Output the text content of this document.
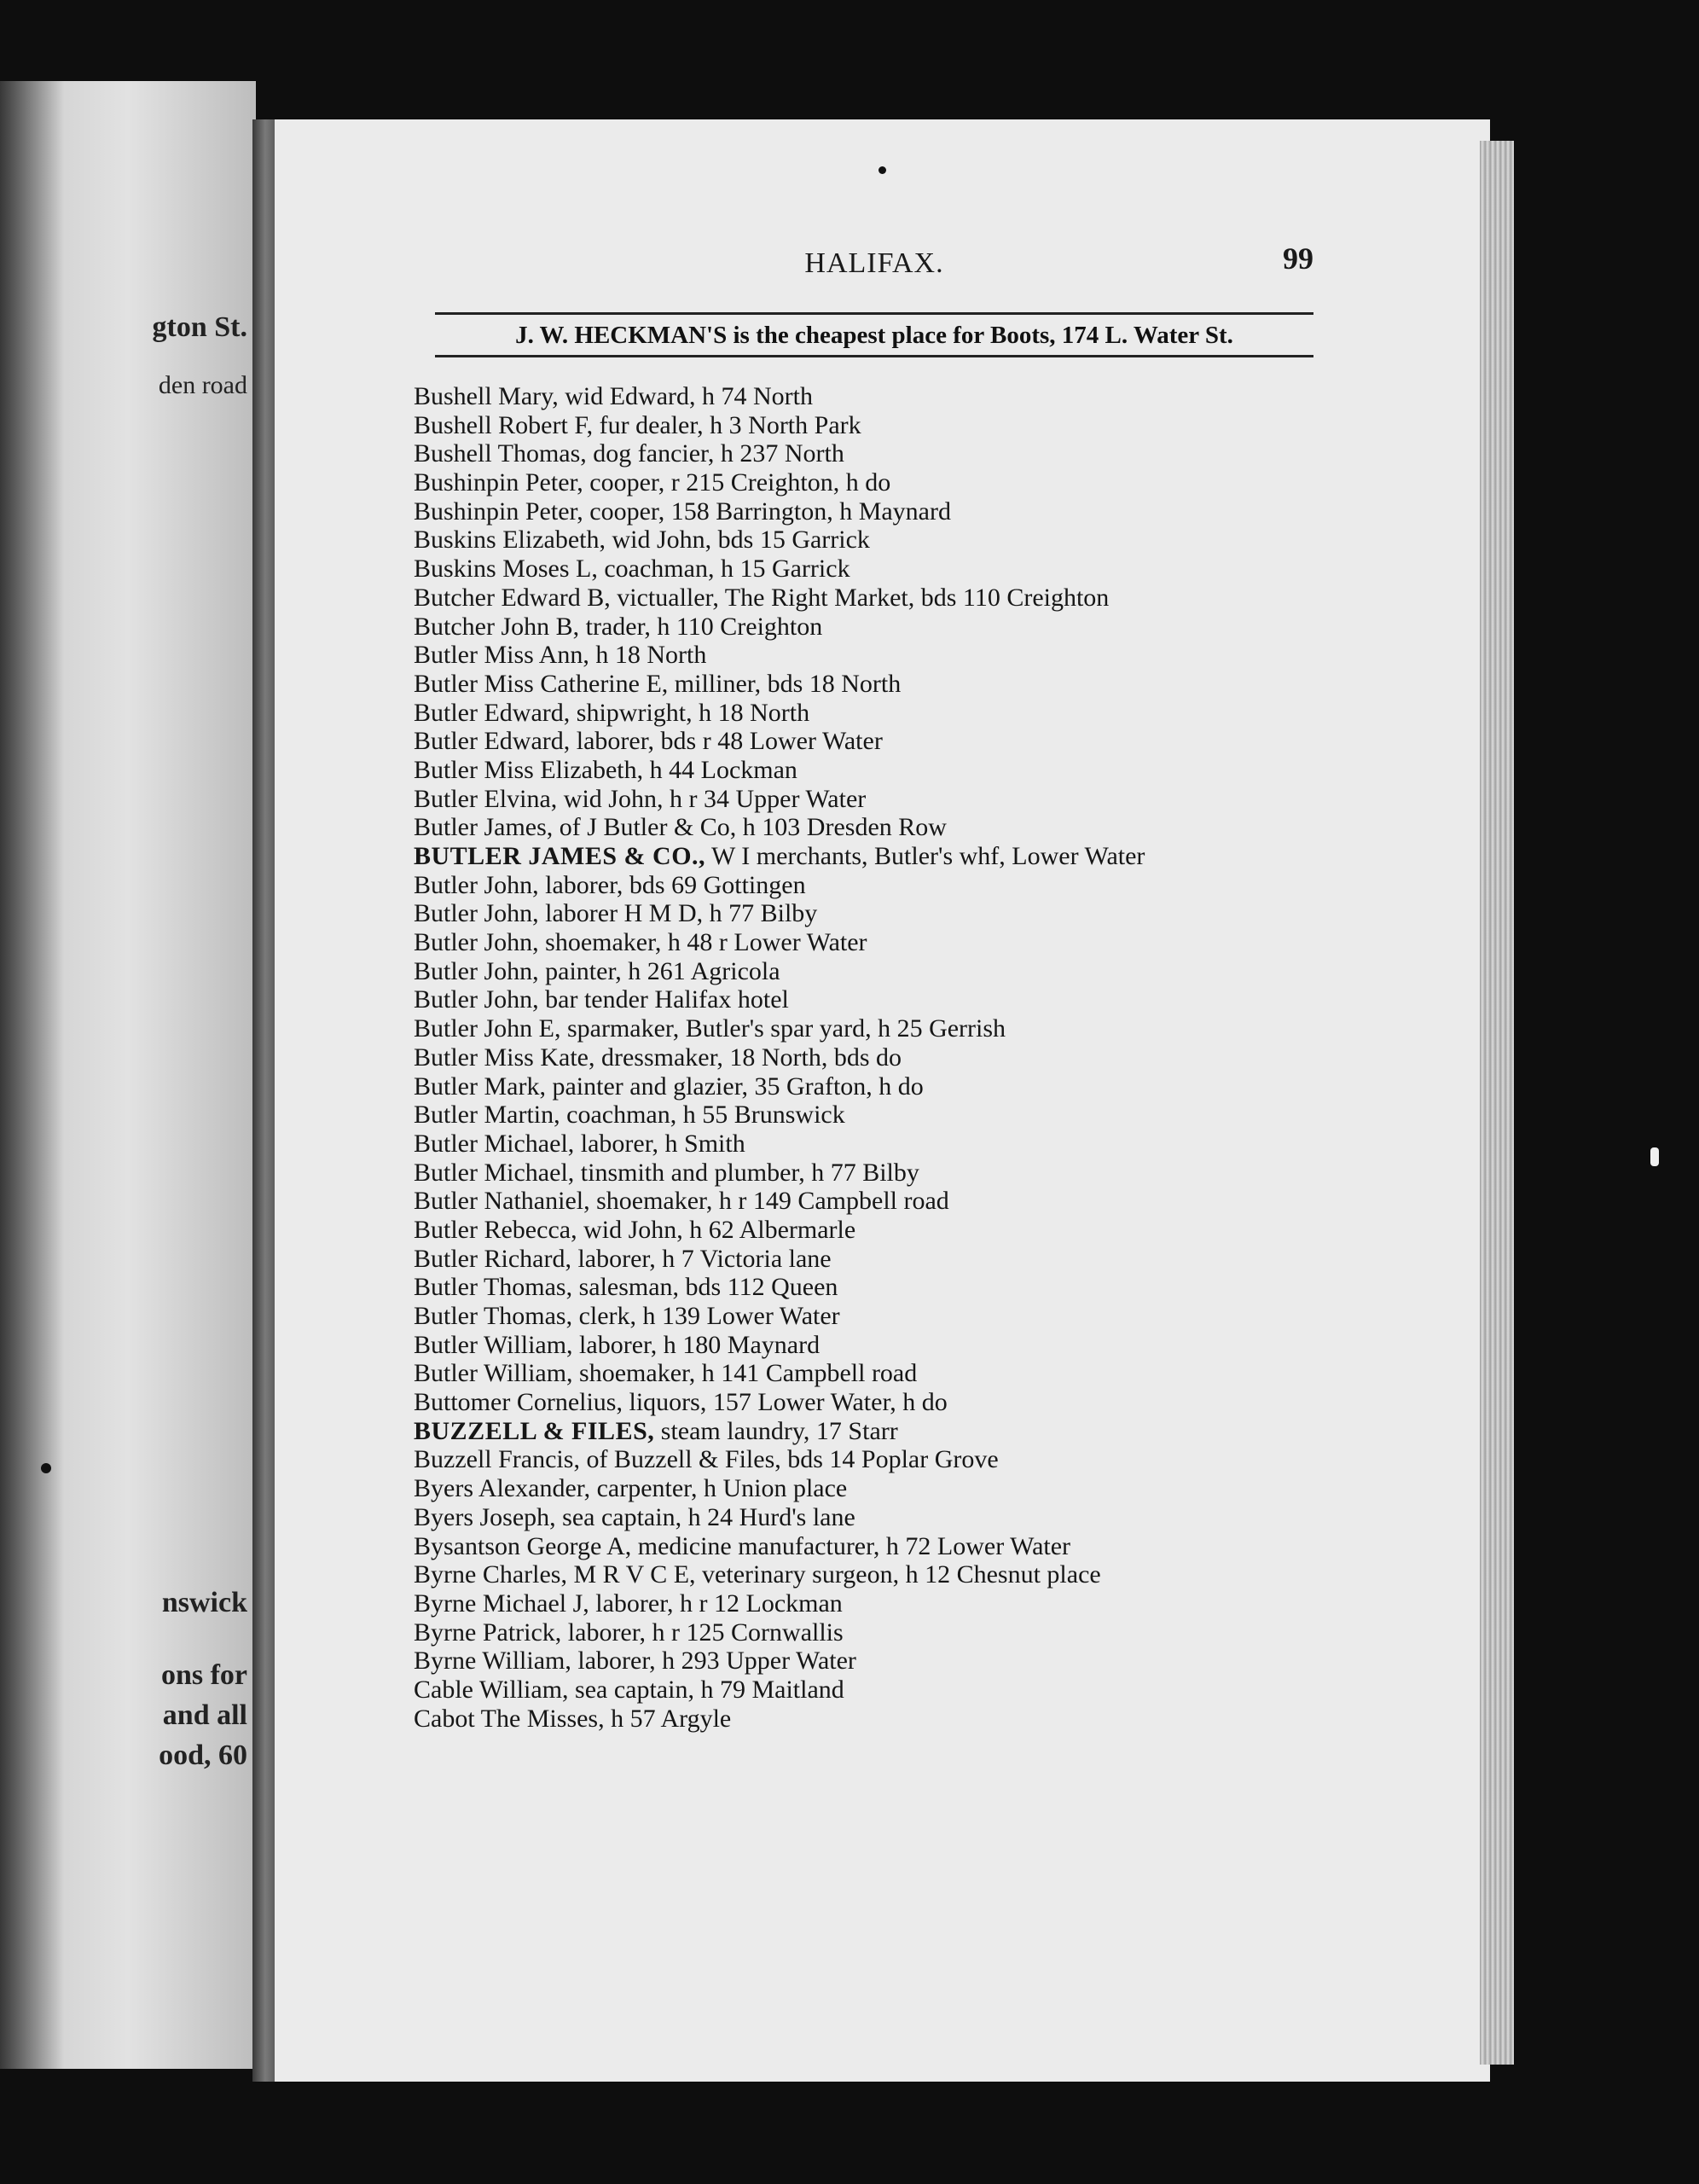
gton St.
den road
nswick
ons for
and all
ood, 60
HALIFAX.	99
J. W. HECKMAN'S is the cheapest place for Boots, 174 L. Water St.
Bushell Mary, wid Edward, h 74 North
Bushell Robert F, fur dealer, h 3 North Park
Bushell Thomas, dog fancier, h 237 North
Bushinpin Peter, cooper, r 215 Creighton, h do
Bushinpin Peter, cooper, 158 Barrington, h Maynard
Buskins Elizabeth, wid John, bds 15 Garrick
Buskins Moses L, coachman, h 15 Garrick
Butcher Edward B, victualler, The Right Market, bds 110 Creighton
Butcher John B, trader, h 110 Creighton
Butler Miss Ann, h 18 North
Butler Miss Catherine E, milliner, bds 18 North
Butler Edward, shipwright, h 18 North
Butler Edward, laborer, bds r 48 Lower Water
Butler Miss Elizabeth, h 44 Lockman
Butler Elvina, wid John, h r 34 Upper Water
Butler James, of J Butler & Co, h 103 Dresden Row
BUTLER JAMES & CO., W I merchants, Butler's whf, Lower Water
Butler John, laborer, bds 69 Gottingen
Butler John, laborer H M D, h 77 Bilby
Butler John, shoemaker, h 48 r Lower Water
Butler John, painter, h 261 Agricola
Butler John, bar tender Halifax hotel
Butler John E, sparmaker, Butler's spar yard, h 25 Gerrish
Butler Miss Kate, dressmaker, 18 North, bds do
Butler Mark, painter and glazier, 35 Grafton, h do
Butler Martin, coachman, h 55 Brunswick
Butler Michael, laborer, h Smith
Butler Michael, tinsmith and plumber, h 77 Bilby
Butler Nathaniel, shoemaker, h r 149 Campbell road
Butler Rebecca, wid John, h 62 Albermarle
Butler Richard, laborer, h 7 Victoria lane
Butler Thomas, salesman, bds 112 Queen
Butler Thomas, clerk, h 139 Lower Water
Butler William, laborer, h 180 Maynard
Butler William, shoemaker, h 141 Campbell road
Buttomer Cornelius, liquors, 157 Lower Water, h do
BUZZELL & FILES, steam laundry, 17 Starr
Buzzell Francis, of Buzzell & Files, bds 14 Poplar Grove
Byers Alexander, carpenter, h Union place
Byers Joseph, sea captain, h 24 Hurd's lane
Bysantson George A, medicine manufacturer, h 72 Lower Water
Byrne Charles, M R V C E, veterinary surgeon, h 12 Chesnut place
Byrne Michael J, laborer, h r 12 Lockman
Byrne Patrick, laborer, h r 125 Cornwallis
Byrne William, laborer, h 293 Upper Water
Cable William, sea captain, h 79 Maitland
Cabot The Misses, h 57 Argyle
